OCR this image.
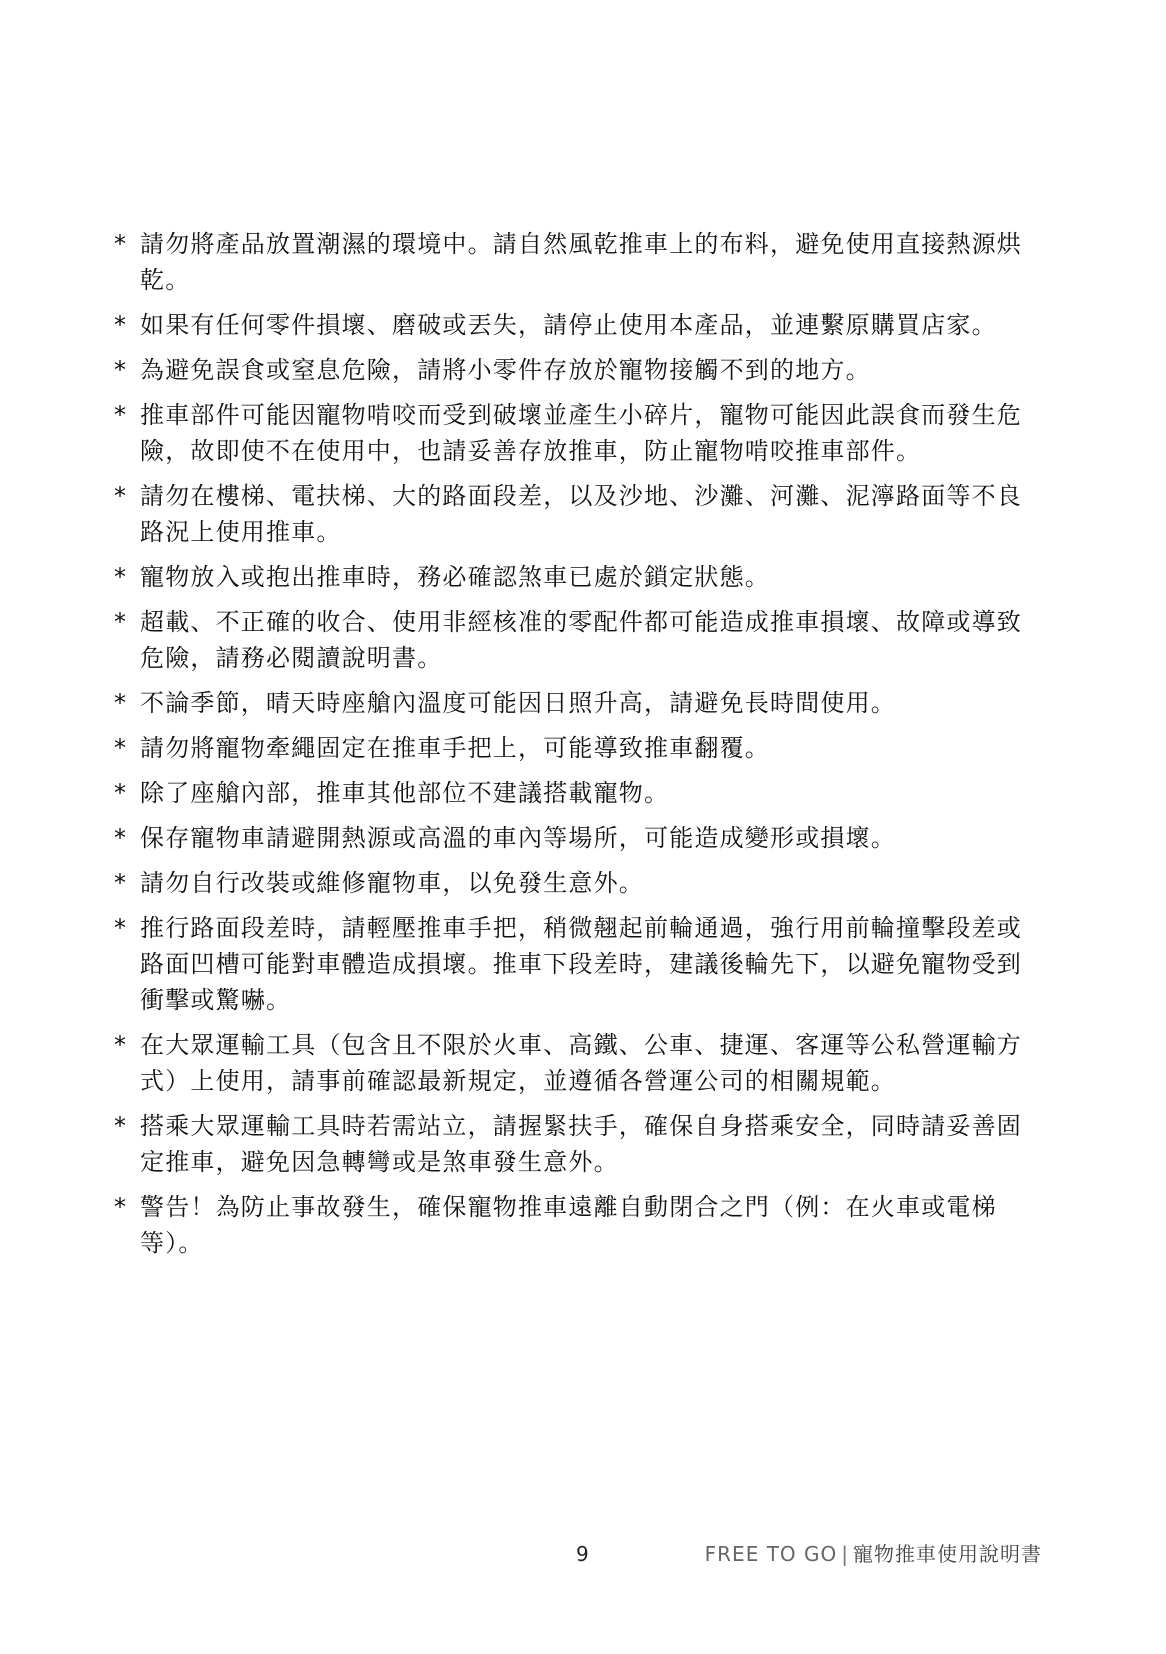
* 請勿將產品放置潮濕的環境中。請自然風乾推車上的布料，避免使用直接熱源烘乾。
* 如果有任何零件損壞、磨破或丟失，請停止使用本產品，並連繫原購買店家。
* 為避免誤食或窒息危險，請將小零件存放於寵物接觸不到的地方。
* 推車部件可能因寵物啃咬而受到破壞並產生小碎片，寵物可能因此誤食而發生危險，故即使不在使用中，也請妥善存放推車，防止寵物啃咬推車部件。
* 請勿在樓梯、電扶梯、大的路面段差，以及沙地、沙灘、河灘、泥濘路面等不良路況上使用推車。
* 寵物放入或抱出推車時，務必確認煞車已處於鎖定狀態。
* 超載、不正確的收合、使用非經核准的零配件都可能造成推車損壞、故障或導致危險，請務必閱讀說明書。
* 不論季節，晴天時座艙內溫度可能因日照升高，請避免長時間使用。
* 請勿將寵物牽繩固定在推車手把上，可能導致推車翻覆。
* 除了座艙內部，推車其他部位不建議搭載寵物。
* 保存寵物車請避開熱源或高溫的車內等場所，可能造成變形或損壞。
* 請勿自行改裝或維修寵物車，以免發生意外。
* 推行路面段差時，請輕壓推車手把，稍微翹起前輪通過，強行用前輪撞擊段差或路面凹槽可能對車體造成損壞。推車下段差時，建議後輪先下，以避免寵物受到衝擊或驚嚇。
* 在大眾運輸工具（包含且不限於火車、高鐵、公車、捷運、客運等公私營運輸方式）上使用，請事前確認最新規定，並遵循各營運公司的相關規範。
* 搭乘大眾運輸工具時若需站立，請握緊扶手，確保自身搭乘安全，同時請妥善固定推車，避免因急轉彎或是煞車發生意外。
* 警告！為防止事故發生，確保寵物推車遠離自動閉合之門（例：在火車或電梯等）。
9	FREE TO GO | 寵物推車使用說明書
